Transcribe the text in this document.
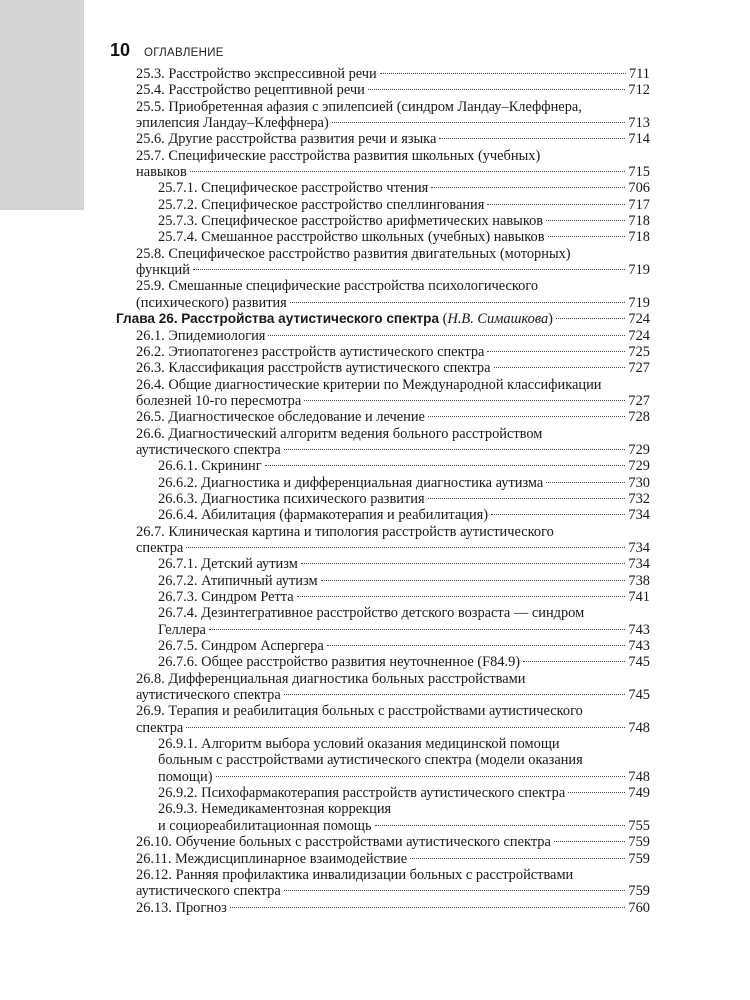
10 ОГЛАВЛЕНИЕ
25.3. Расстройство экспрессивной речи	711
25.4. Расстройство рецептивной речи	712
25.5. Приобретенная афазия с эпилепсией (синдром Ландау–Клеффнера,
эпилепсия Ландау–Клеффнера)	713
25.6. Другие расстройства развития речи и языка	714
25.7. Специфические расстройства развития школьных (учебных)
навыков	715
25.7.1. Специфическое расстройство чтения	706
25.7.2. Специфическое расстройство спеллингования	717
25.7.3. Специфическое расстройство арифметических навыков	718
25.7.4. Смешанное расстройство школьных (учебных) навыков	718
25.8. Специфическое расстройство развития двигательных (моторных)
функций	719
25.9. Смешанные специфические расстройства психологического
(психического) развития	719
Глава 26. Расстройства аутистического спектра (Н.В. Симашкова)	724
26.1. Эпидемиология	724
26.2. Этиопатогенез расстройств аутистического спектра	725
26.3. Классификация расстройств аутистического спектра	727
26.4. Общие диагностические критерии по Международной классификации
болезней 10-го пересмотра	727
26.5. Диагностическое обследование и лечение	728
26.6. Диагностический алгоритм ведения больного расстройством
аутистического спектра	729
26.6.1. Скрининг	729
26.6.2. Диагностика и дифференциальная диагностика аутизма	730
26.6.3. Диагностика психического развития	732
26.6.4. Абилитация (фармакотерапия и реабилитация)	734
26.7. Клиническая картина и типология расстройств аутистического
спектра	734
26.7.1. Детский аутизм	734
26.7.2. Атипичный аутизм	738
26.7.3. Синдром Ретта	741
26.7.4. Дезинтегративное расстройство детского возраста — синдром
Геллера	743
26.7.5. Синдром Аспергера	743
26.7.6. Общее расстройство развития неуточненное (F84.9)	745
26.8. Дифференциальная диагностика больных расстройствами
аутистического спектра	745
26.9. Терапия и реабилитация больных с расстройствами аутистического
спектра	748
26.9.1. Алгоритм выбора условий оказания медицинской помощи
больным с расстройствами аутистического спектра (модели оказания
помощи)	748
26.9.2. Психофармакотерапия расстройств аутистического спектра	749
26.9.3. Немедикаментозная коррекция
и социореабилитационная помощь	755
26.10. Обучение больных с расстройствами аутистического спектра	759
26.11. Междисциплинарное взаимодействие	759
26.12. Ранняя профилактика инвалидизации больных с расстройствами
аутистического спектра	759
26.13. Прогноз	760
